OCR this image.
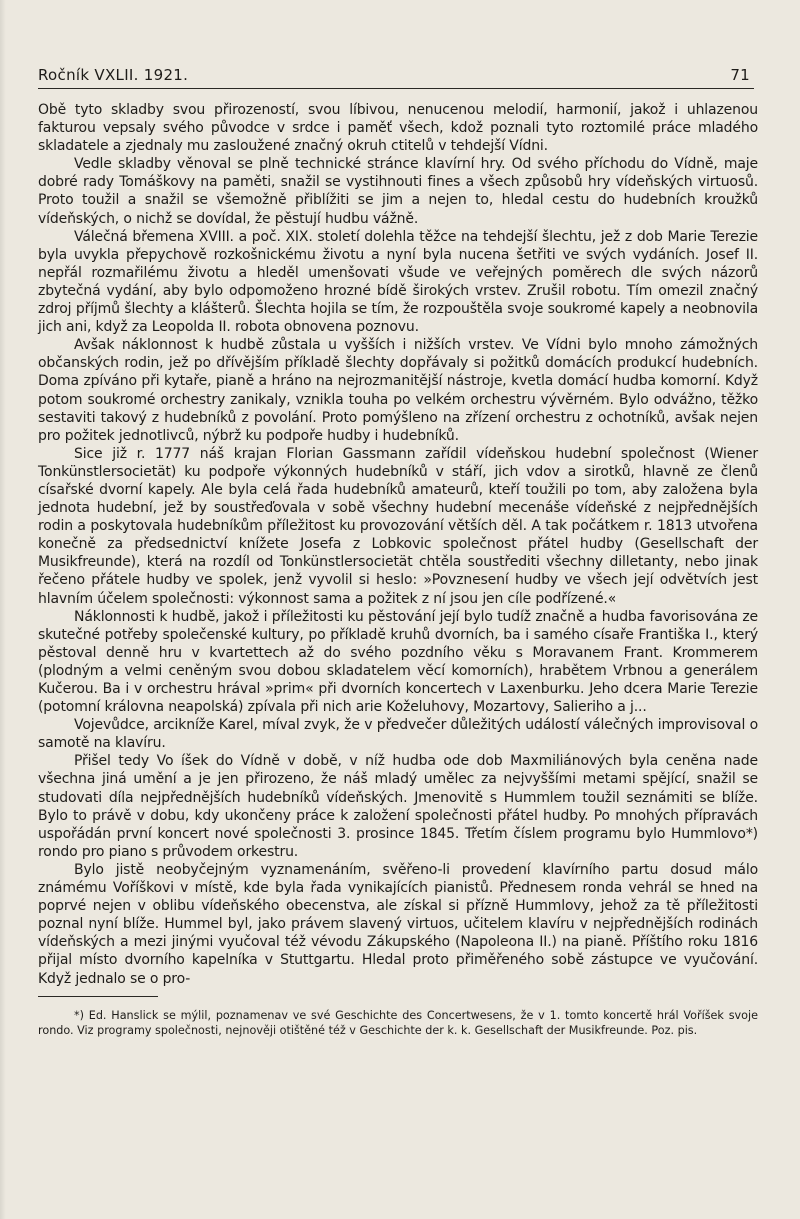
Ročník VXLII. 1921.	71

Obě tyto skladby svou přirozeností, svou líbivou, nenucenou melodií, harmonií, jakož i uhlazenou fakturou vepsaly svého původce v srdce i paměť všech, kdož poznali tyto roztomilé práce mladého skladatele a zjednaly mu zasloužené značný okruh ctitelů v tehdejší Vídni.

Vedle skladby věnoval se plně technické stránce klavírní hry. Od svého příchodu do Vídně, maje dobré rady Tomáškovy na paměti, snažil se vystihnouti fines a všech způsobů hry vídeňských virtuosů. Proto toužil a snažil se všemožně přiblížiti se jim a nejen to, hledal cestu do hudebních kroužků vídeňských, o nichž se dovídal, že pěstují hudbu vážně.

Válečná břemena XVIII. a poč. XIX. století dolehla těžce na tehdejší šlechtu, jež z dob Marie Terezie byla uvykla přepychově rozkošnickému životu a nyní byla nucena šetřiti ve svých vydáních. Josef II. nepřál rozmařilému životu a hleděl umenšovati všude ve veřejných poměrech dle svých názorů zbytečná vydání, aby bylo odpomoženo hrozné bídě širokých vrstev. Zrušil robotu. Tím omezil značný zdroj příjmů šlechty a klášterů. Šlechta hojila se tím, že rozpouštěla svoje soukromé kapely a neobnovila jich ani, když za Leopolda II. robota obnovena poznovu.

Avšak náklonnost k hudbě zůstala u vyšších i nižších vrstev. Ve Vídni bylo mnoho zámožných občanských rodin, jež po dřívějším příkladě šlechty dopřávaly si požitků domácích produkcí hudebních. Doma zpíváno při kytaře, pianě a hráno na nejrozmanitější nástroje, kvetla domácí hudba komorní. Když potom soukromé orchestry zanikaly, vznikla touha po velkém orchestru vývěrném. Bylo odvážno, těžko sestaviti takový z hudebníků z povolání. Proto pomýšleno na zřízení orchestru z ochotníků, avšak nejen pro požitek jednotlivců, nýbrž ku podpoře hudby i hudebníků.

Sice již r. 1777 náš krajan Florian Gassmann zařídil vídeňskou hudební společnost (Wiener Tonkünstlersocietät) ku podpoře výkonných hudebníků v stáří, jich vdov a sirotků, hlavně ze členů císařské dvorní kapely. Ale byla celá řada hudebníků amateurů, kteří toužili po tom, aby založena byla jednota hudební, jež by soustřeďovala v sobě všechny hudební mecenáše vídeňské z nejpřednějších rodin a poskytovala hudebníkům příležitost ku provozování větších děl. A tak počátkem r. 1813 utvořena konečně za předsednictví knížete Josefa z Lobkovic společnost přátel hudby (Gesellschaft der Musikfreunde), která na rozdíl od Tonkünstlersocietät chtěla soustřediti všechny dilletanty, nebo jinak řečeno přátele hudby ve spolek, jenž vyvolil si heslo: »Povznesení hudby ve všech její odvětvích jest hlavním účelem společnosti: výkonnost sama a požitek z ní jsou jen cíle podřízené.«

Náklonnosti k hudbě, jakož i příležitosti ku pěstování její bylo tudíž značně a hudba favorisována ze skutečné potřeby společenské kultury, po příkladě kruhů dvorních, ba i samého císaře Františka I., který pěstoval denně hru v kvartettech až do svého pozdního věku s Moravanem Frant. Krommerem (plodným a velmi ceněným svou dobou skladatelem věcí komorních), hrabětem Vrbnou a generálem Kučerou. Ba i v orchestru hrával »prim« při dvorních koncertech v Laxenburku. Jeho dcera Marie Terezie (potomní královna neapolská) zpívala při nich arie Koželuhovy, Mozartovy, Salieriho a j...

Vojevůdce, arcikníže Karel, míval zvyk, že v předvečer důležitých událostí válečných improvisoval o samotě na klavíru.

Přišel tedy Vo íšek do Vídně v době, v níž hudba ode dob Maxmiliánových byla ceněna nade všechna jiná umění a je jen přirozeno, že náš mladý umělec za nejvyššími metami spějící, snažil se studovati díla nejpřednějších hudebníků vídeňských. Jmenovitě s Hummlem toužil seznámiti se blíže. Bylo to právě v dobu, kdy ukončeny práce k založení společnosti přátel hudby. Po mnohých přípravách uspořádán první koncert nové společnosti 3. prosince 1845. Třetím číslem programu bylo Hummlovo*) rondo pro piano s průvodem orkestru.

Bylo jistě neobyčejným vyznamenáním, svěřeno-li provedení klavírního partu dosud málo známému Voříškovi v místě, kde byla řada vynikajících pianistů. Přednesem ronda vehrál se hned na poprvé nejen v oblibu vídeňského obecenstva, ale získal si přízně Hummlovy, jehož za tě příležitosti poznal nyní blíže. Hummel byl, jako právem slavený virtuos, učitelem klavíru v nejpřednějších rodinách vídeňských a mezi jinými vyučoval též vévodu Zákupského (Napoleona II.) na pianě. Příštího roku 1816 přijal místo dvorního kapelníka v Stuttgartu. Hledal proto přiměřeného sobě zástupce ve vyučování. Když jednalo se o pro-

*) Ed. Hanslick se mýlil, poznamenav ve své Geschichte des Concertwesens, že v 1. tomto koncertě hrál Voříšek svoje rondo. Viz programy společnosti, nejnověji otištěné též v Geschichte der k. k. Gesellschaft der Musikfreunde. Poz. pis.
